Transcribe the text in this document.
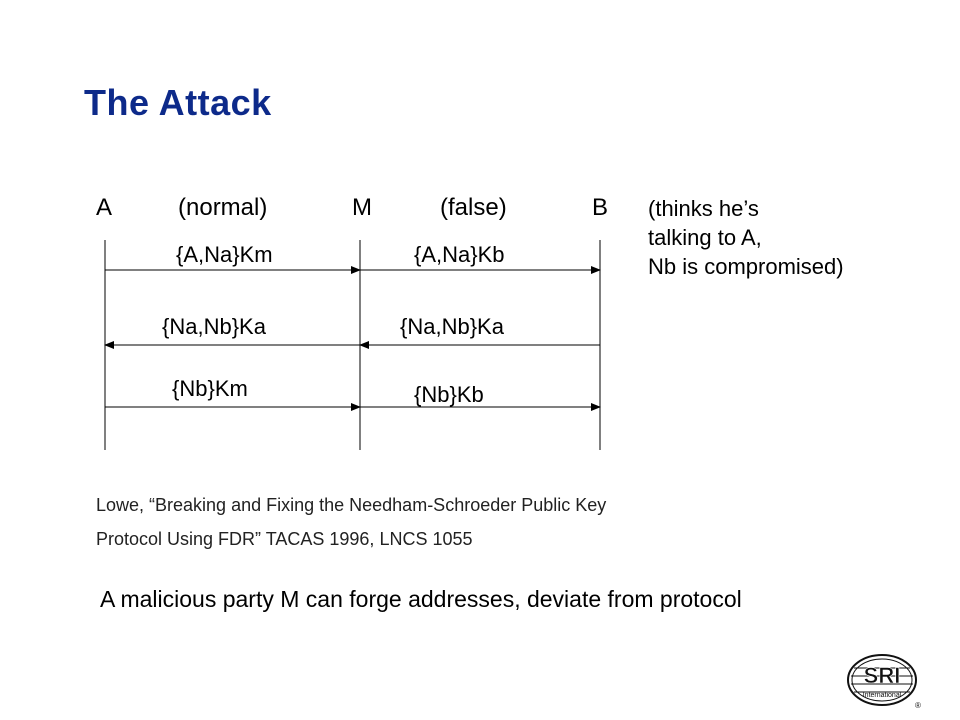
The Attack
A	(normal)	M	(false)	B (thinks he’s
talking to A,
Nb is compromised)
{A,Na}Km	{A,Na}Kb
{Na,Nb}Ka	{Na,Nb}Ka
{Nb}Km	{Nb}Kb
Lowe, “Breaking and Fixing the Needham-Schroeder Public Key
Protocol Using FDR” TACAS 1996, LNCS 1055
A malicious party M can forge addresses, deviate from protocol
SRI
International
®
